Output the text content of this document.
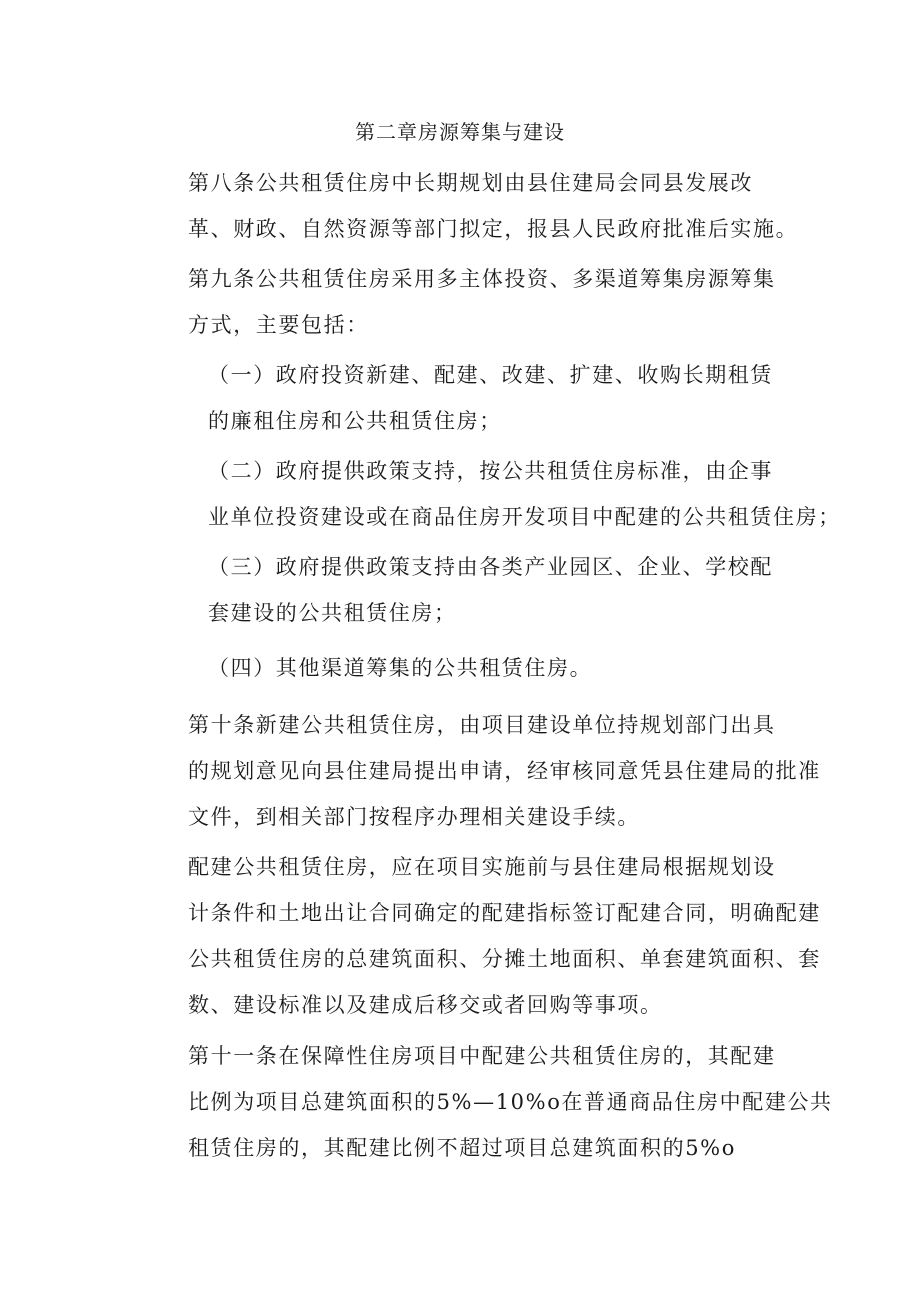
第二章房源筹集与建设

第八条公共租赁住房中长期规划由县住建局会同县发展改
革、财政、自然资源等部门拟定，报县人民政府批准后实施。

第九条公共租赁住房采用多主体投资、多渠道筹集房源筹集
方式，主要包括：

（一）政府投资新建、配建、改建、扩建、收购长期租赁
的廉租住房和公共租赁住房；

（二）政府提供政策支持，按公共租赁住房标准，由企事
业单位投资建设或在商品住房开发项目中配建的公共租赁住房；

（三）政府提供政策支持由各类产业园区、企业、学校配
套建设的公共租赁住房；

（四）其他渠道筹集的公共租赁住房。

第十条新建公共租赁住房，由项目建设单位持规划部门出具
的规划意见向县住建局提出申请，经审核同意凭县住建局的批准
文件，到相关部门按程序办理相关建设手续。

配建公共租赁住房，应在项目实施前与县住建局根据规划设
计条件和土地出让合同确定的配建指标签订配建合同，明确配建
公共租赁住房的总建筑面积、分摊土地面积、单套建筑面积、套
数、建设标准以及建成后移交或者回购等事项。

第十一条在保障性住房项目中配建公共租赁住房的，其配建
比例为项目总建筑面积的5%—10%o在普通商品住房中配建公共
租赁住房的，其配建比例不超过项目总建筑面积的5%o
